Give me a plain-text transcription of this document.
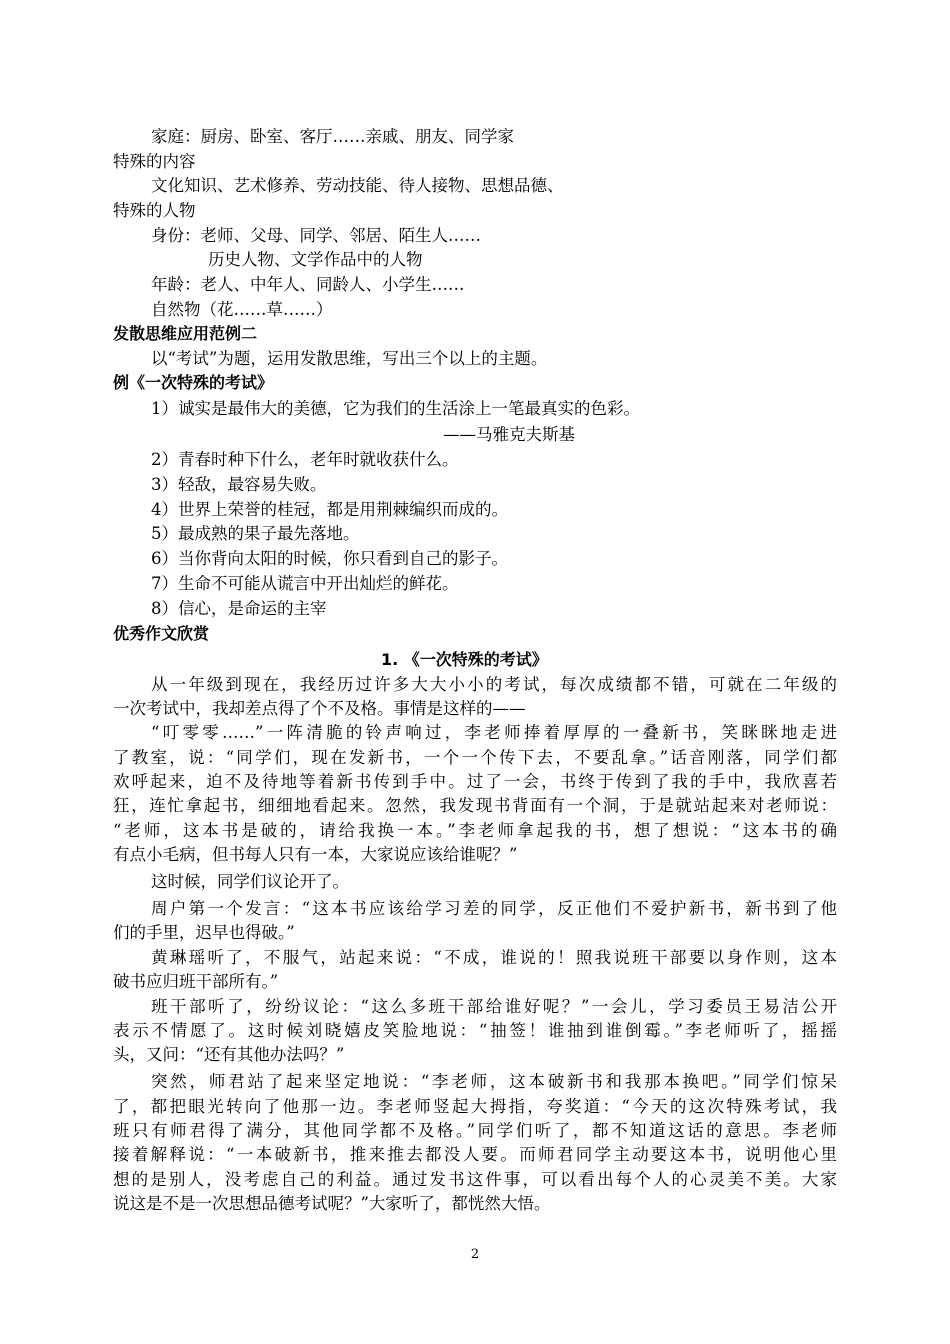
家庭：厨房、卧室、客厅……亲戚、朋友、同学家
特殊的内容
文化知识、艺术修养、劳动技能、待人接物、思想品德、
特殊的人物
身份：老师、父母、同学、邻居、陌生人……
历史人物、文学作品中的人物
年龄：老人、中年人、同龄人、小学生……
自然物（花……草……）
发散思维应用范例二
以“考试”为题，运用发散思维，写出三个以上的主题。
例《一次特殊的考试》
1）诚实是最伟大的美德，它为我们的生活涂上一笔最真实的色彩。
——马雅克夫斯基
2）青春时种下什么，老年时就收获什么。
3）轻敌，最容易失败。
4）世界上荣誉的桂冠，都是用荆棘编织而成的。
5）最成熟的果子最先落地。
6）当你背向太阳的时候，你只看到自己的影子。
7）生命不可能从谎言中开出灿烂的鲜花。
8）信心，是命运的主宰
优秀作文欣赏
1. 《一次特殊的考试》
从一年级到现在，我经历过许多大大小小的考试，每次成绩都不错，可就在二年级的
一次考试中，我却差点得了个不及格。事情是这样的——
“叮零零……”一阵清脆的铃声响过，李老师捧着厚厚的一叠新书，笑眯眯地走进
了教室，说：“同学们，现在发新书，一个一个传下去，不要乱拿。”话音刚落，同学们都
欢呼起来，迫不及待地等着新书传到手中。过了一会，书终于传到了我的手中，我欣喜若
狂，连忙拿起书，细细地看起来。忽然，我发现书背面有一个洞，于是就站起来对老师说：
“老师，这本书是破的，请给我换一本。”李老师拿起我的书，想了想说：“这本书的确
有点小毛病，但书每人只有一本，大家说应该给谁呢？”
这时候，同学们议论开了。
周户第一个发言：“这本书应该给学习差的同学，反正他们不爱护新书，新书到了他
们的手里，迟早也得破。”
黄琳瑶听了，不服气，站起来说：“不成，谁说的！照我说班干部要以身作则，这本
破书应归班干部所有。”
班干部听了，纷纷议论：“这么多班干部给谁好呢？”一会儿，学习委员王易洁公开
表示不情愿了。这时候刘晓嬉皮笑脸地说：“抽签！谁抽到谁倒霉。”李老师听了，摇摇
头，又问：“还有其他办法吗？”
突然，师君站了起来坚定地说：“李老师，这本破新书和我那本换吧。”同学们惊呆
了，都把眼光转向了他那一边。李老师竖起大拇指，夸奖道：“今天的这次特殊考试，我
班只有师君得了满分，其他同学都不及格。”同学们听了，都不知道这话的意思。李老师
接着解释说：“一本破新书，推来推去都没人要。而师君同学主动要这本书，说明他心里
想的是别人，没考虑自己的利益。通过发书这件事，可以看出每个人的心灵美不美。大家
说这是不是一次思想品德考试呢？”大家听了，都恍然大悟。
2
